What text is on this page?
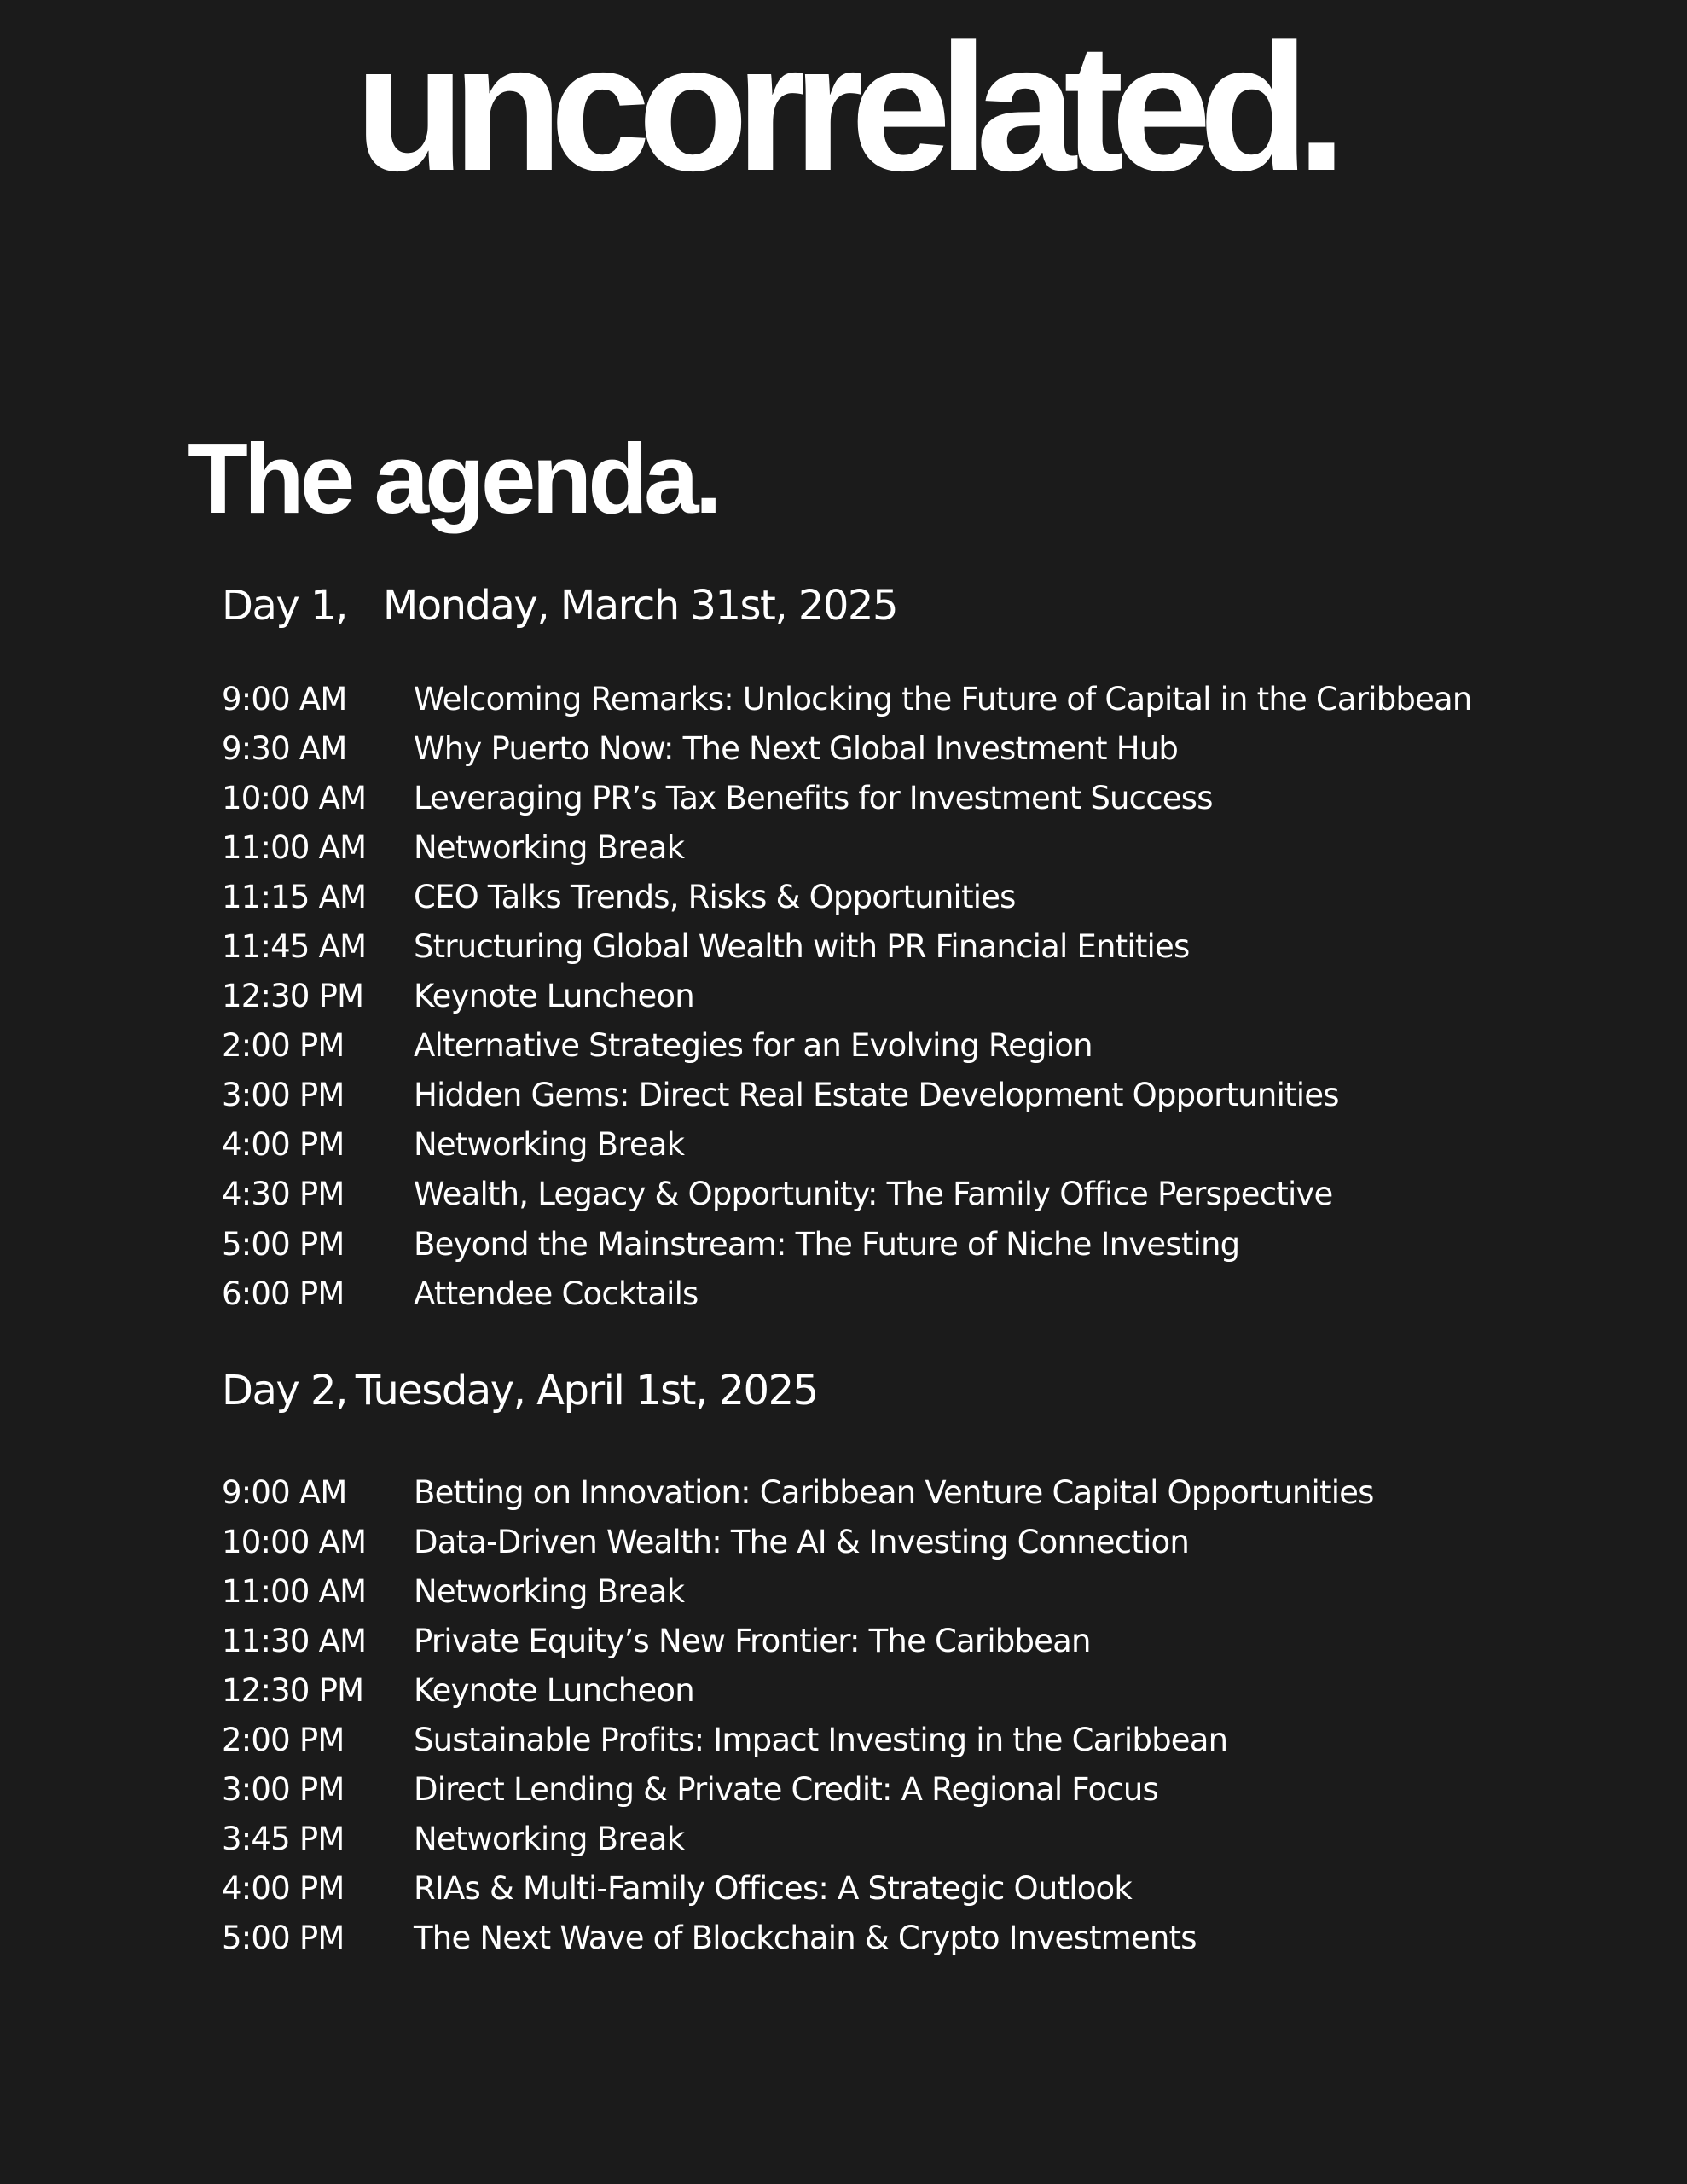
uncorrelated.
The agenda.
Day 1, Monday, March 31st, 2025
9:00 AM	Welcoming Remarks: Unlocking the Future of Capital in the Caribbean
9:30 AM	Why Puerto Now: The Next Global Investment Hub
10:00 AM	Leveraging PR’s Tax Benefits for Investment Success
11:00 AM	Networking Break
11:15 AM	CEO Talks Trends, Risks & Opportunities
11:45 AM	Structuring Global Wealth with PR Financial Entities
12:30 PM	Keynote Luncheon
2:00 PM	Alternative Strategies for an Evolving Region
3:00 PM	Hidden Gems: Direct Real Estate Development Opportunities
4:00 PM	Networking Break
4:30 PM	Wealth, Legacy & Opportunity: The Family Office Perspective
5:00 PM	Beyond the Mainstream: The Future of Niche Investing
6:00 PM	Attendee Cocktails
Day 2, Tuesday, April 1st, 2025
9:00 AM	Betting on Innovation: Caribbean Venture Capital Opportunities
10:00 AM	Data-Driven Wealth: The AI & Investing Connection
11:00 AM	Networking Break
11:30 AM	Private Equity’s New Frontier: The Caribbean
12:30 PM	Keynote Luncheon
2:00 PM	Sustainable Profits: Impact Investing in the Caribbean
3:00 PM	Direct Lending & Private Credit: A Regional Focus
3:45 PM	Networking Break
4:00 PM	RIAs & Multi-Family Offices: A Strategic Outlook
5:00 PM	The Next Wave of Blockchain & Crypto Investments
